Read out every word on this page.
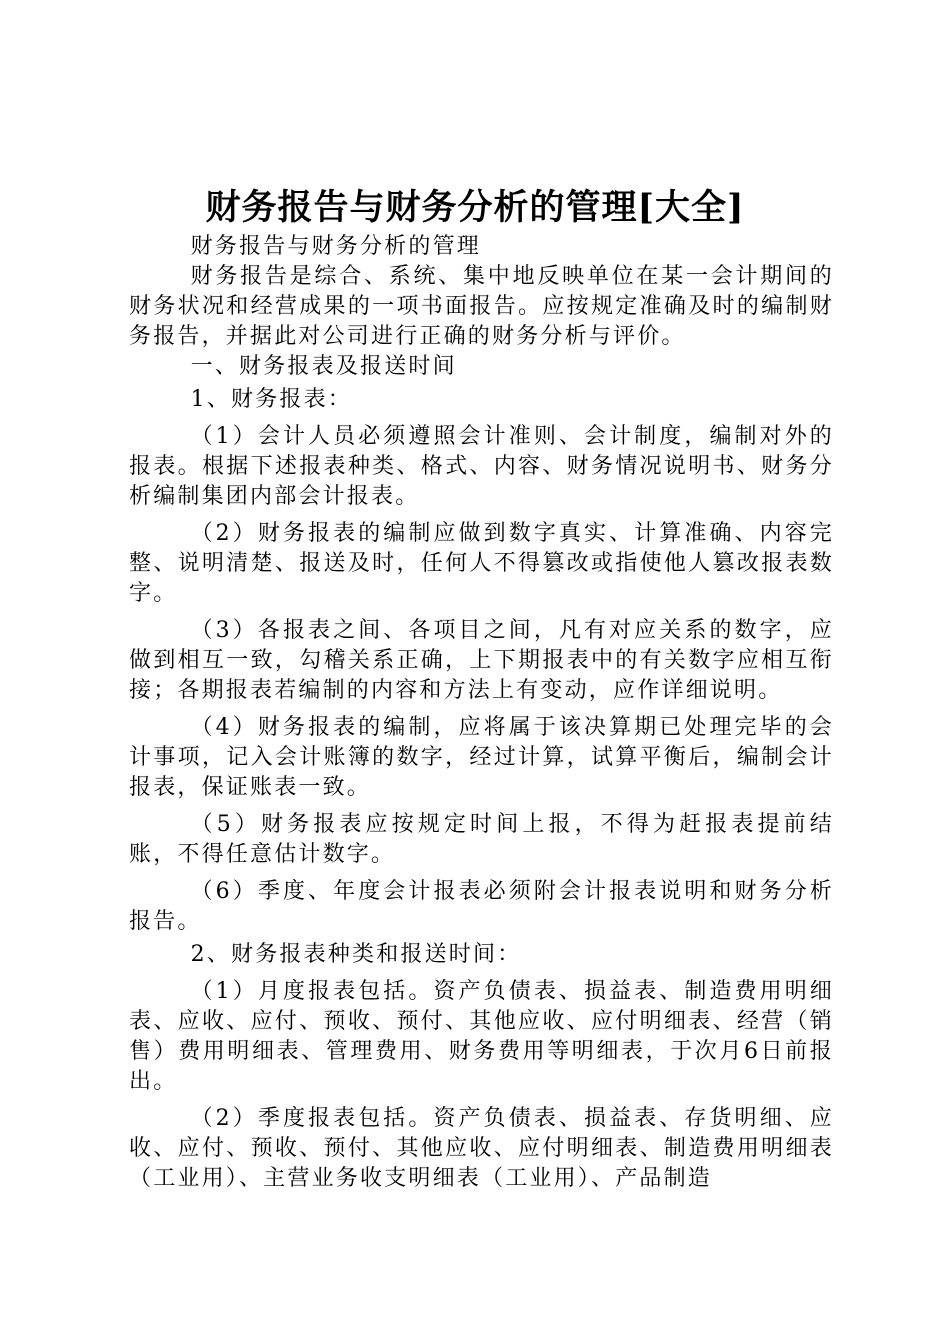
财务报告与财务分析的管理[大全]

财务报告与财务分析的管理

财务报告是综合、系统、集中地反映单位在某一会计期间的财务状况和经营成果的一项书面报告。应按规定准确及时的编制财务报告，并据此对公司进行正确的财务分析与评价。

一、财务报表及报送时间

1、财务报表：

（1）会计人员必须遵照会计准则、会计制度，编制对外的报表。根据下述报表种类、格式、内容、财务情况说明书、财务分析编制集团内部会计报表。

（2）财务报表的编制应做到数字真实、计算准确、内容完整、说明清楚、报送及时，任何人不得篡改或指使他人篡改报表数字。

（3）各报表之间、各项目之间，凡有对应关系的数字，应做到相互一致，勾稽关系正确，上下期报表中的有关数字应相互衔接；各期报表若编制的内容和方法上有变动，应作详细说明。

（4）财务报表的编制，应将属于该决算期已处理完毕的会计事项，记入会计账簿的数字，经过计算，试算平衡后，编制会计报表，保证账表一致。

（5）财务报表应按规定时间上报，不得为赶报表提前结账，不得任意估计数字。

（6）季度、年度会计报表必须附会计报表说明和财务分析报告。

2、财务报表种类和报送时间：

（1）月度报表包括。资产负债表、损益表、制造费用明细表、应收、应付、预收、预付、其他应收、应付明细表、经营（销售）费用明细表、管理费用、财务费用等明细表，于次月6日前报出。

（2）季度报表包括。资产负债表、损益表、存货明细、应收、应付、预收、预付、其他应收、应付明细表、制造费用明细表（工业用）、主营业务收支明细表（工业用）、产品制造
